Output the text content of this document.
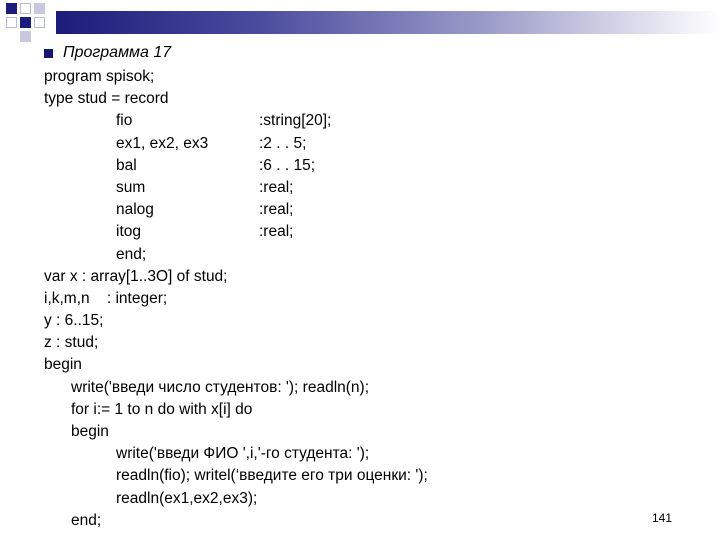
Программа 17
program spisok;
type stud = record
fio	:string[20];
ex1, ex2, ex3	:2 . . 5;
bal	:6 . . 15;
sum	:real;
nalog	:real;
itog	:real;
end;
var x : array[1..3O] of stud;
i,k,m,n    : integer;
y : 6..15;
z : stud;
begin
write('введи число студентов: '); readln(n);
for i:= 1 to n do with x[i] do
begin
write('введи ФИО ',i,'-го студента: ');
readln(fio); writel(‘введите его три оценки: ');
readln(ex1,ex2,ex3);
end;	141
